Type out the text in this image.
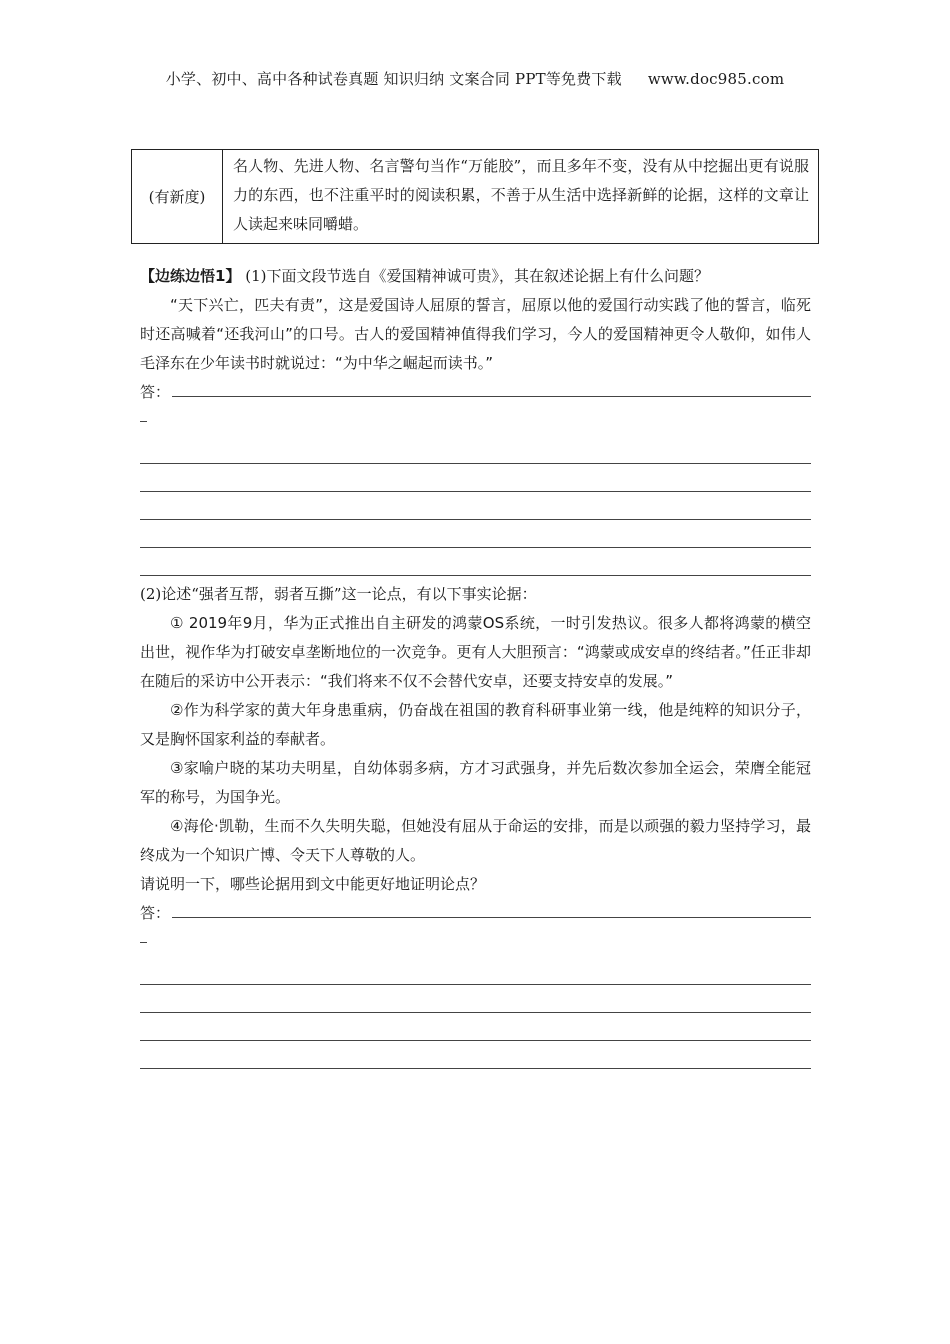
小学、初中、高中各种试卷真题 知识归纳 文案合同 PPT等免费下载 www.doc985.com
(有新度)	名人物、先进人物、名言警句当作“万能胶”，而且多年不变，没有从中挖掘出更有说服力的东西，也不注重平时的阅读积累，不善于从生活中选择新鲜的论据，这样的文章让人读起来味同嚼蜡。

【边练边悟1】 (1)下面文段节选自《爱国精神诚可贵》，其在叙述论据上有什么问题？

“天下兴亡，匹夫有责”，这是爱国诗人屈原的誓言，屈原以他的爱国行动实践了他的誓言，临死时还高喊着“还我河山”的口号。古人的爱国精神值得我们学习，今人的爱国精神更令人敬仰，如伟人毛泽东在少年读书时就说过：“为中华之崛起而读书。”

答：

(2)论述“强者互帮，弱者互撕”这一论点，有以下事实论据：

① 2019年9月，华为正式推出自主研发的鸿蒙OS系统，一时引发热议。很多人都将鸿蒙的横空出世，视作华为打破安卓垄断地位的一次竞争。更有人大胆预言：“鸿蒙或成安卓的终结者。”任正非却在随后的采访中公开表示：“我们将来不仅不会替代安卓，还要支持安卓的发展。”

②作为科学家的黄大年身患重病，仍奋战在祖国的教育科研事业第一线，他是纯粹的知识分子，又是胸怀国家利益的奉献者。

③家喻户晓的某功夫明星，自幼体弱多病，方才习武强身，并先后数次参加全运会，荣膺全能冠军的称号，为国争光。

④海伦·凯勒，生而不久失明失聪，但她没有屈从于命运的安排，而是以顽强的毅力坚持学习，最终成为一个知识广博、令天下人尊敬的人。

请说明一下，哪些论据用到文中能更好地证明论点？

答：
